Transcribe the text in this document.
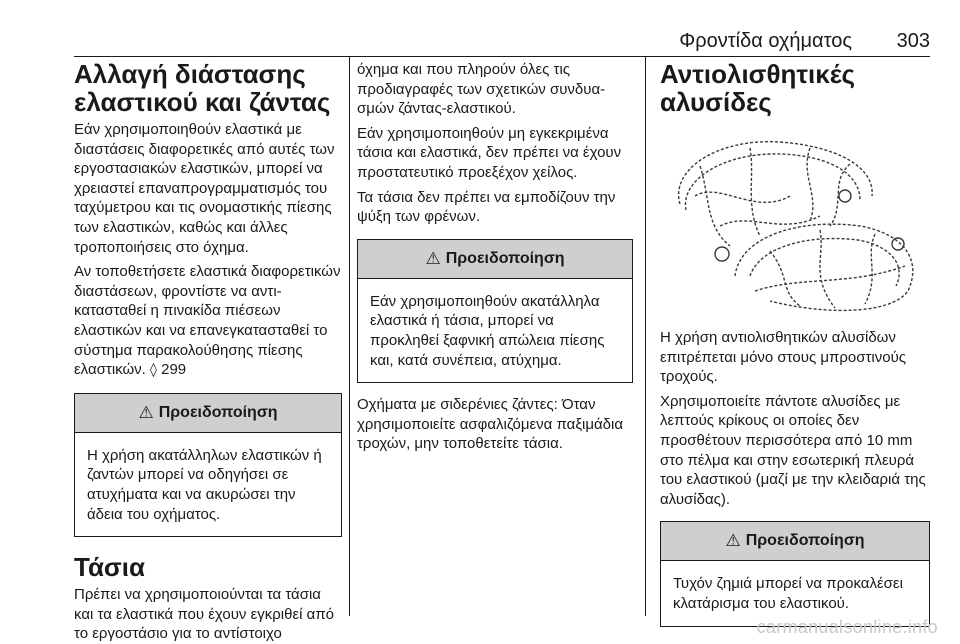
Φροντίδα οχήματος 303
Αλλαγή διάστασης ελαστικού και ζάντας

Εάν χρησιμοποιηθούν ελαστικά με διαστάσεις διαφορετικές από αυτές των εργοστασιακών ελαστικών, μπορεί να χρειαστεί επαναπρογραμματισμός του ταχύμετρου και τις ονομαστικής πίεσης των ελαστικών, καθώς και άλλες τροποποιήσεις στο όχημα.

Αν τοποθετήσετε ελαστικά διαφορετικών διαστάσεων, φροντίστε να αντικατασταθεί η πινακίδα πιέσεων ελαστικών και να επανεγκατασταθεί το σύστημα παρακολούθησης πίεσης ελαστικών. ◊ 299

⚠ Προειδοποίηση

Η χρήση ακατάλληλων ελαστικών ή ζαντών μπορεί να οδηγήσει σε ατυχήματα και να ακυρώσει την άδεια του οχήματος.

Τάσια

Πρέπει να χρησιμοποιούνται τα τάσια και τα ελαστικά που έχουν εγκριθεί από το εργοστάσιο για το αντίστοιχο

όχημα και που πληρούν όλες τις προδιαγραφές των σχετικών συνδυασμών ζάντας-ελαστικού.

Εάν χρησιμοποιηθούν μη εγκεκριμένα τάσια και ελαστικά, δεν πρέπει να έχουν προστατευτικό προεξέχον χείλος.

Τα τάσια δεν πρέπει να εμποδίζουν την ψύξη των φρένων.

⚠ Προειδοποίηση

Εάν χρησιμοποιηθούν ακατάλληλα ελαστικά ή τάσια, μπορεί να προκληθεί ξαφνική απώλεια πίεσης και, κατά συνέπεια, ατύχημα.

Οχήματα με σιδερένιες ζάντες: Όταν χρησιμοποιείτε ασφαλιζόμενα παξιμάδια τροχών, μην τοποθετείτε τάσια.

Αντιολισθητικές αλυσίδες

Η χρήση αντιολισθητικών αλυσίδων επιτρέπεται μόνο στους μπροστινούς τροχούς.

Χρησιμοποιείτε πάντοτε αλυσίδες με λεπτούς κρίκους οι οποίες δεν προσθέτουν περισσότερα από 10 mm στο πέλμα και στην εσωτερική πλευρά του ελαστικού (μαζί με την κλειδαριά της αλυσίδας).

⚠ Προειδοποίηση

Τυχόν ζημιά μπορεί να προκαλέσει κλατάρισμα του ελαστικού.

carmanualsonline.info
